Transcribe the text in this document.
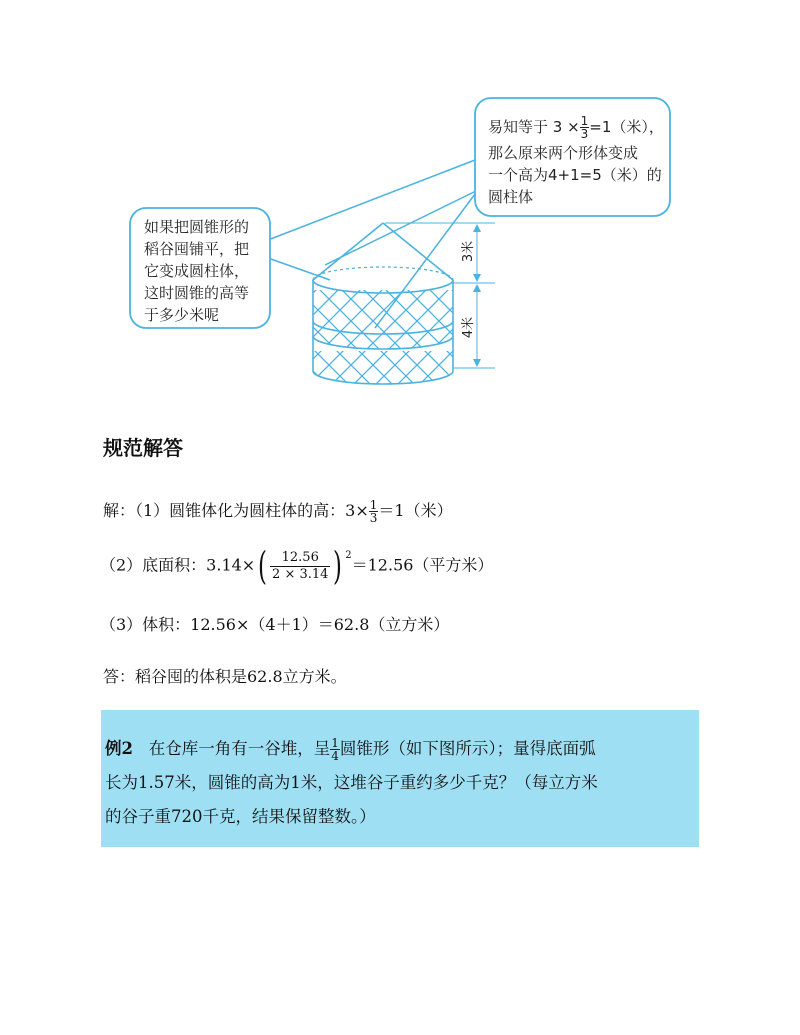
如果把圆锥形的
稻谷囤铺平，把
它变成圆柱体，
这时圆锥的高等
于多少米呢
易知等于 $3 \times \frac{1}{3} =1$（米），
那么原来两个形体变成
一个高为4+1=5（米）的
圆柱体
3米
4米
规范解答
解：（1）圆锥体化为圆柱体的高：$3\times \frac{1}{3} =1$（米）
（2）底面积：$3.14\times( \frac{12.56}{2 \times 3.14}$ ) $^2$＝12.56（平方米）
（3）体积：12.56×（4＋1）＝62.8（立方米）
答：稻谷囤的体积是62.8立方米。
例2 在仓库一角有一谷堆，呈 $\frac{1}{4}$ 圆锥形（如下图所示）；量得底面弧
长为1.57米，圆锥的高为1米，这堆谷子重约多少千克？（每立方米
的谷子重720千克，结果保留整数。）
